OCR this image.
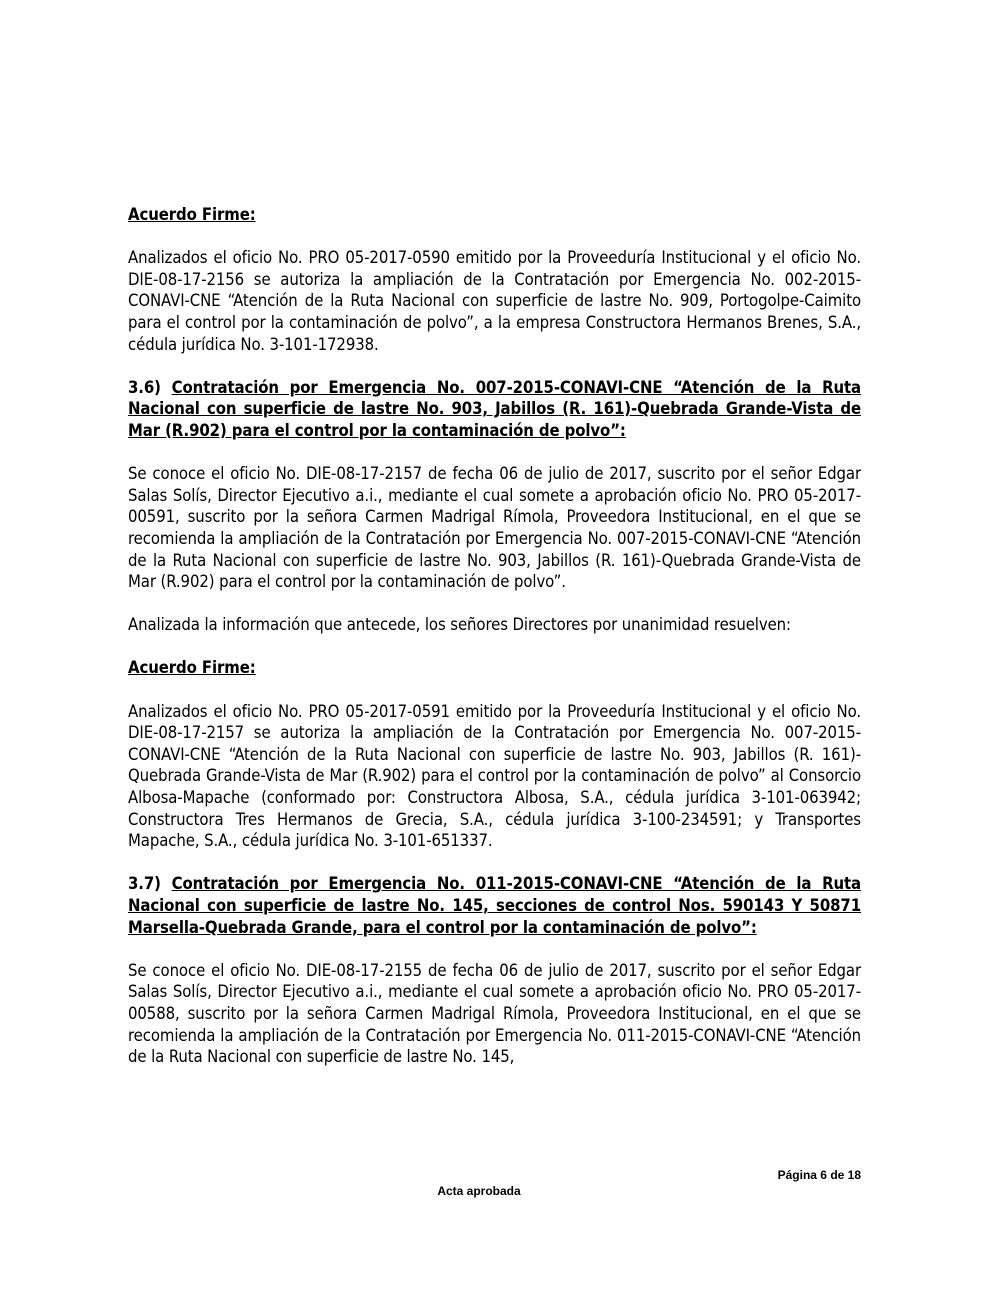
Acuerdo Firme:

Analizados el oficio No. PRO 05-2017-0590 emitido por la Proveeduría Institucional y el oficio No. DIE-08-17-2156 se autoriza la ampliación de la Contratación por Emergencia No. 002-2015-CONAVI-CNE “Atención de la Ruta Nacional con superficie de lastre No. 909, Portogolpe-Caimito para el control por la contaminación de polvo”, a la empresa Constructora Hermanos Brenes, S.A., cédula jurídica No. 3-101-172938.

3.6) Contratación por Emergencia No. 007-2015-CONAVI-CNE “Atención de la Ruta Nacional con superficie de lastre No. 903, Jabillos (R. 161)-Quebrada Grande-Vista de Mar (R.902) para el control por la contaminación de polvo”:

Se conoce el oficio No. DIE-08-17-2157 de fecha 06 de julio de 2017, suscrito por el señor Edgar Salas Solís, Director Ejecutivo a.i., mediante el cual somete a aprobación oficio No. PRO 05-2017-00591, suscrito por la señora Carmen Madrigal Rímola, Proveedora Institucional, en el que se recomienda la ampliación de la Contratación por Emergencia No. 007-2015-CONAVI-CNE “Atención de la Ruta Nacional con superficie de lastre No. 903, Jabillos (R. 161)-Quebrada Grande-Vista de Mar (R.902) para el control por la contaminación de polvo”.

Analizada la información que antecede, los señores Directores por unanimidad resuelven:

Acuerdo Firme:

Analizados el oficio No. PRO 05-2017-0591 emitido por la Proveeduría Institucional y el oficio No. DIE-08-17-2157 se autoriza la ampliación de la Contratación por Emergencia No. 007-2015-CONAVI-CNE “Atención de la Ruta Nacional con superficie de lastre No. 903, Jabillos (R. 161)-Quebrada Grande-Vista de Mar (R.902) para el control por la contaminación de polvo” al Consorcio Albosa-Mapache (conformado por: Constructora Albosa, S.A., cédula jurídica 3-101-063942; Constructora Tres Hermanos de Grecia, S.A., cédula jurídica 3-100-234591; y Transportes Mapache, S.A., cédula jurídica No. 3-101-651337.

3.7) Contratación por Emergencia No. 011-2015-CONAVI-CNE “Atención de la Ruta Nacional con superficie de lastre No. 145, secciones de control Nos. 590143 Y 50871 Marsella-Quebrada Grande, para el control por la contaminación de polvo”:

Se conoce el oficio No. DIE-08-17-2155 de fecha 06 de julio de 2017, suscrito por el señor Edgar Salas Solís, Director Ejecutivo a.i., mediante el cual somete a aprobación oficio No. PRO 05-2017-00588, suscrito por la señora Carmen Madrigal Rímola, Proveedora Institucional, en el que se recomienda la ampliación de la Contratación por Emergencia No. 011-2015-CONAVI-CNE “Atención de la Ruta Nacional con superficie de lastre No. 145,

Página 6 de 18
Acta aprobada
